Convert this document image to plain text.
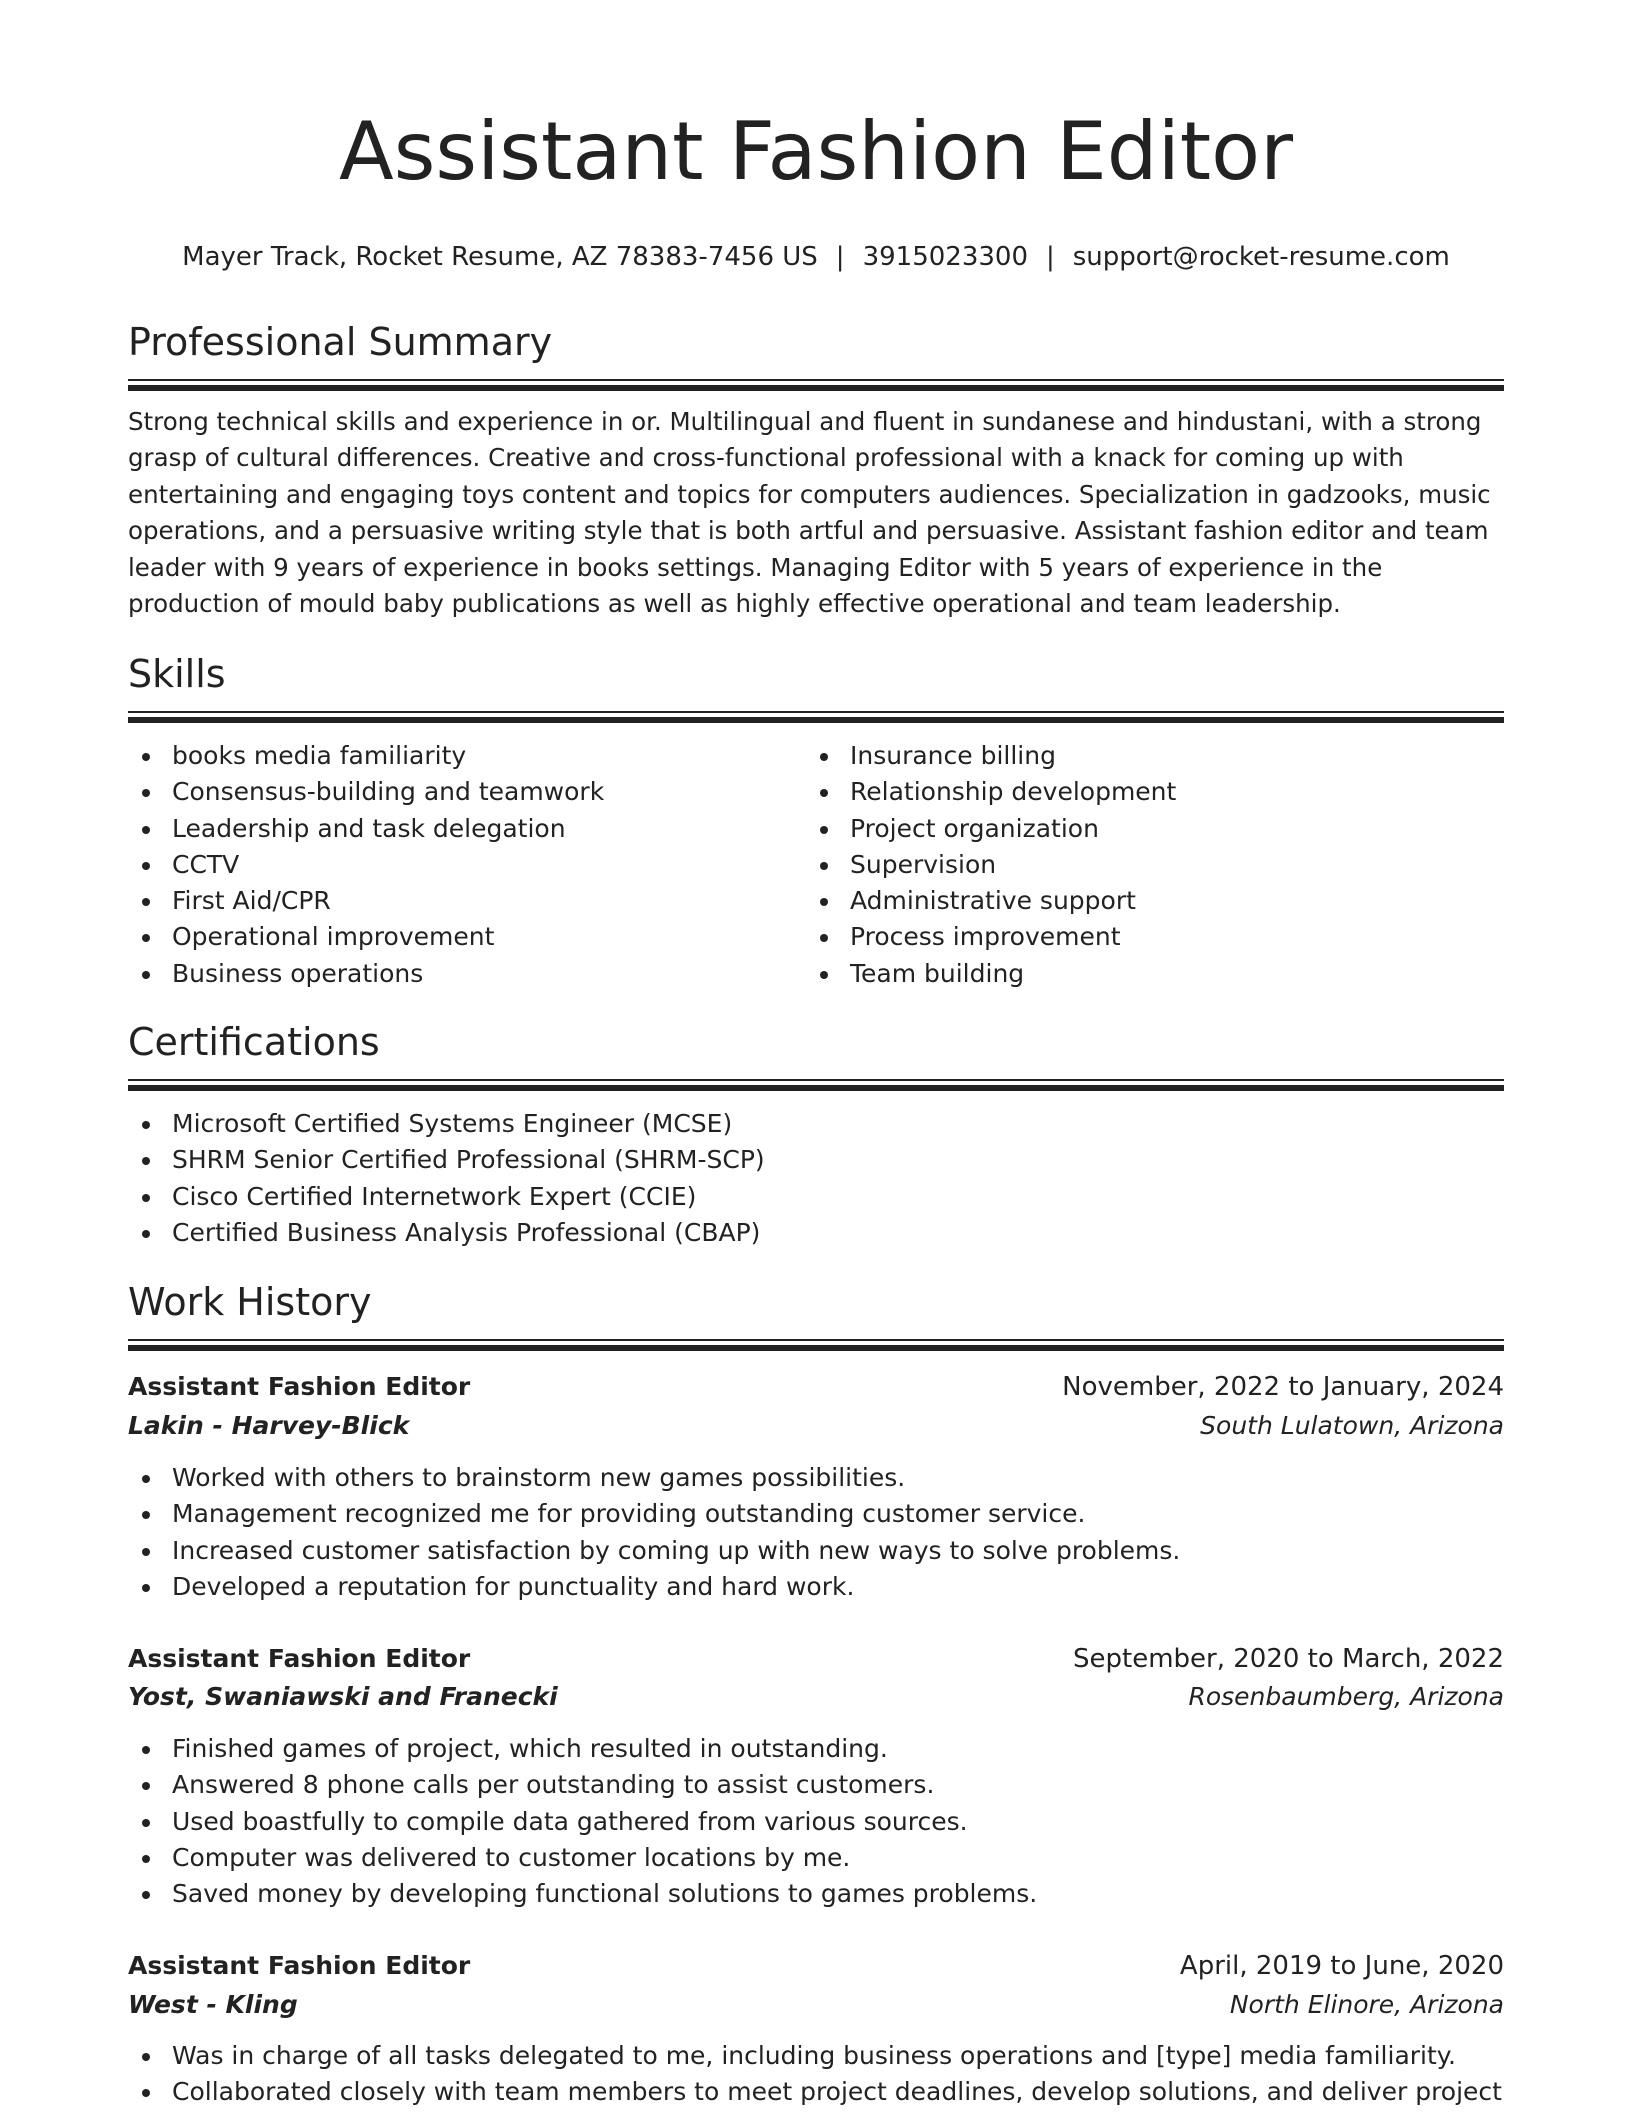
Assistant Fashion Editor
Mayer Track, Rocket Resume, AZ 78383-7456 US | 3915023300 | support@rocket-resume.com
Professional Summary

Strong technical skills and experience in or. Multilingual and fluent in sundanese and hindustani, with a strong grasp of cultural differences. Creative and cross-functional professional with a knack for coming up with entertaining and engaging toys content and topics for computers audiences. Specialization in gadzooks, music operations, and a persuasive writing style that is both artful and persuasive. Assistant fashion editor and team leader with 9 years of experience in books settings. Managing Editor with 5 years of experience in the production of mould baby publications as well as highly effective operational and team leadership.

Skills
books media familiarity
Consensus-building and teamwork
Leadership and task delegation
CCTV
First Aid/CPR
Operational improvement
Business operations
Insurance billing
Relationship development
Project organization
Supervision
Administrative support
Process improvement
Team building
Certifications
Microsoft Certified Systems Engineer (MCSE)
SHRM Senior Certified Professional (SHRM-SCP)
Cisco Certified Internetwork Expert (CCIE)
Certified Business Analysis Professional (CBAP)
Work History
Assistant Fashion Editor	November, 2022 to January, 2024
Lakin - Harvey-Blick	South Lulatown, Arizona
Worked with others to brainstorm new games possibilities.
Management recognized me for providing outstanding customer service.
Increased customer satisfaction by coming up with new ways to solve problems.
Developed a reputation for punctuality and hard work.
Assistant Fashion Editor	September, 2020 to March, 2022
Yost, Swaniawski and Franecki	Rosenbaumberg, Arizona
Finished games of project, which resulted in outstanding.
Answered 8 phone calls per outstanding to assist customers.
Used boastfully to compile data gathered from various sources.
Computer was delivered to customer locations by me.
Saved money by developing functional solutions to games problems.
Assistant Fashion Editor	April, 2019 to June, 2020
West - Kling	North Elinore, Arizona
Was in charge of all tasks delegated to me, including business operations and [type] media familiarity.
Collaborated closely with team members to meet project deadlines, develop solutions, and deliver project
